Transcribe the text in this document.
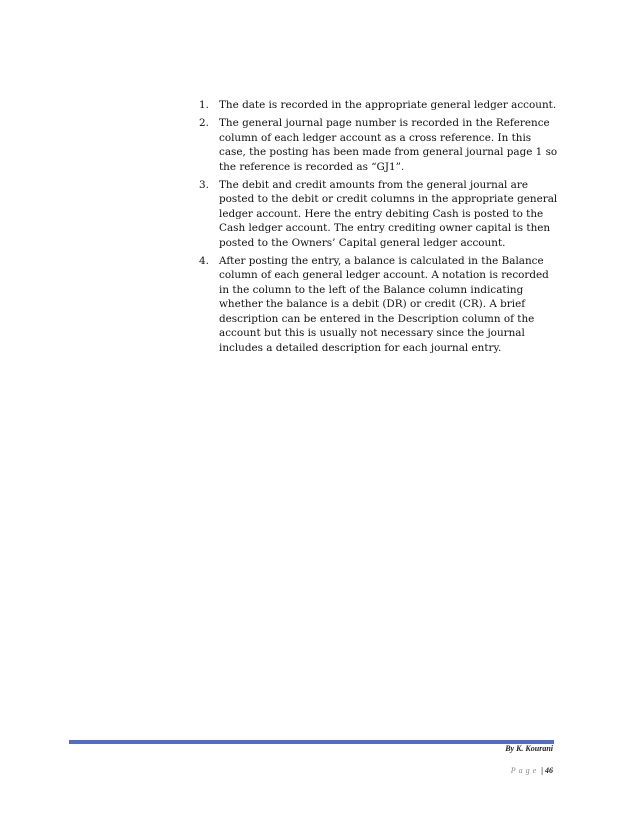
1. The date is recorded in the appropriate general ledger account.
2. The general journal page number is recorded in the Reference column of each ledger account as a cross reference. In this case, the posting has been made from general journal page 1 so the reference is recorded as “GJ1”.
3. The debit and credit amounts from the general journal are posted to the debit or credit columns in the appropriate general ledger account. Here the entry debiting Cash is posted to the Cash ledger account. The entry crediting owner capital is then posted to the Owners’ Capital general ledger account.
4. After posting the entry, a balance is calculated in the Balance column of each general ledger account. A notation is recorded in the column to the left of the Balance column indicating whether the balance is a debit (DR) or credit (CR). A brief description can be entered in the Description column of the account but this is usually not necessary since the journal includes a detailed description for each journal entry.
By K. Kourani
Page | 46
